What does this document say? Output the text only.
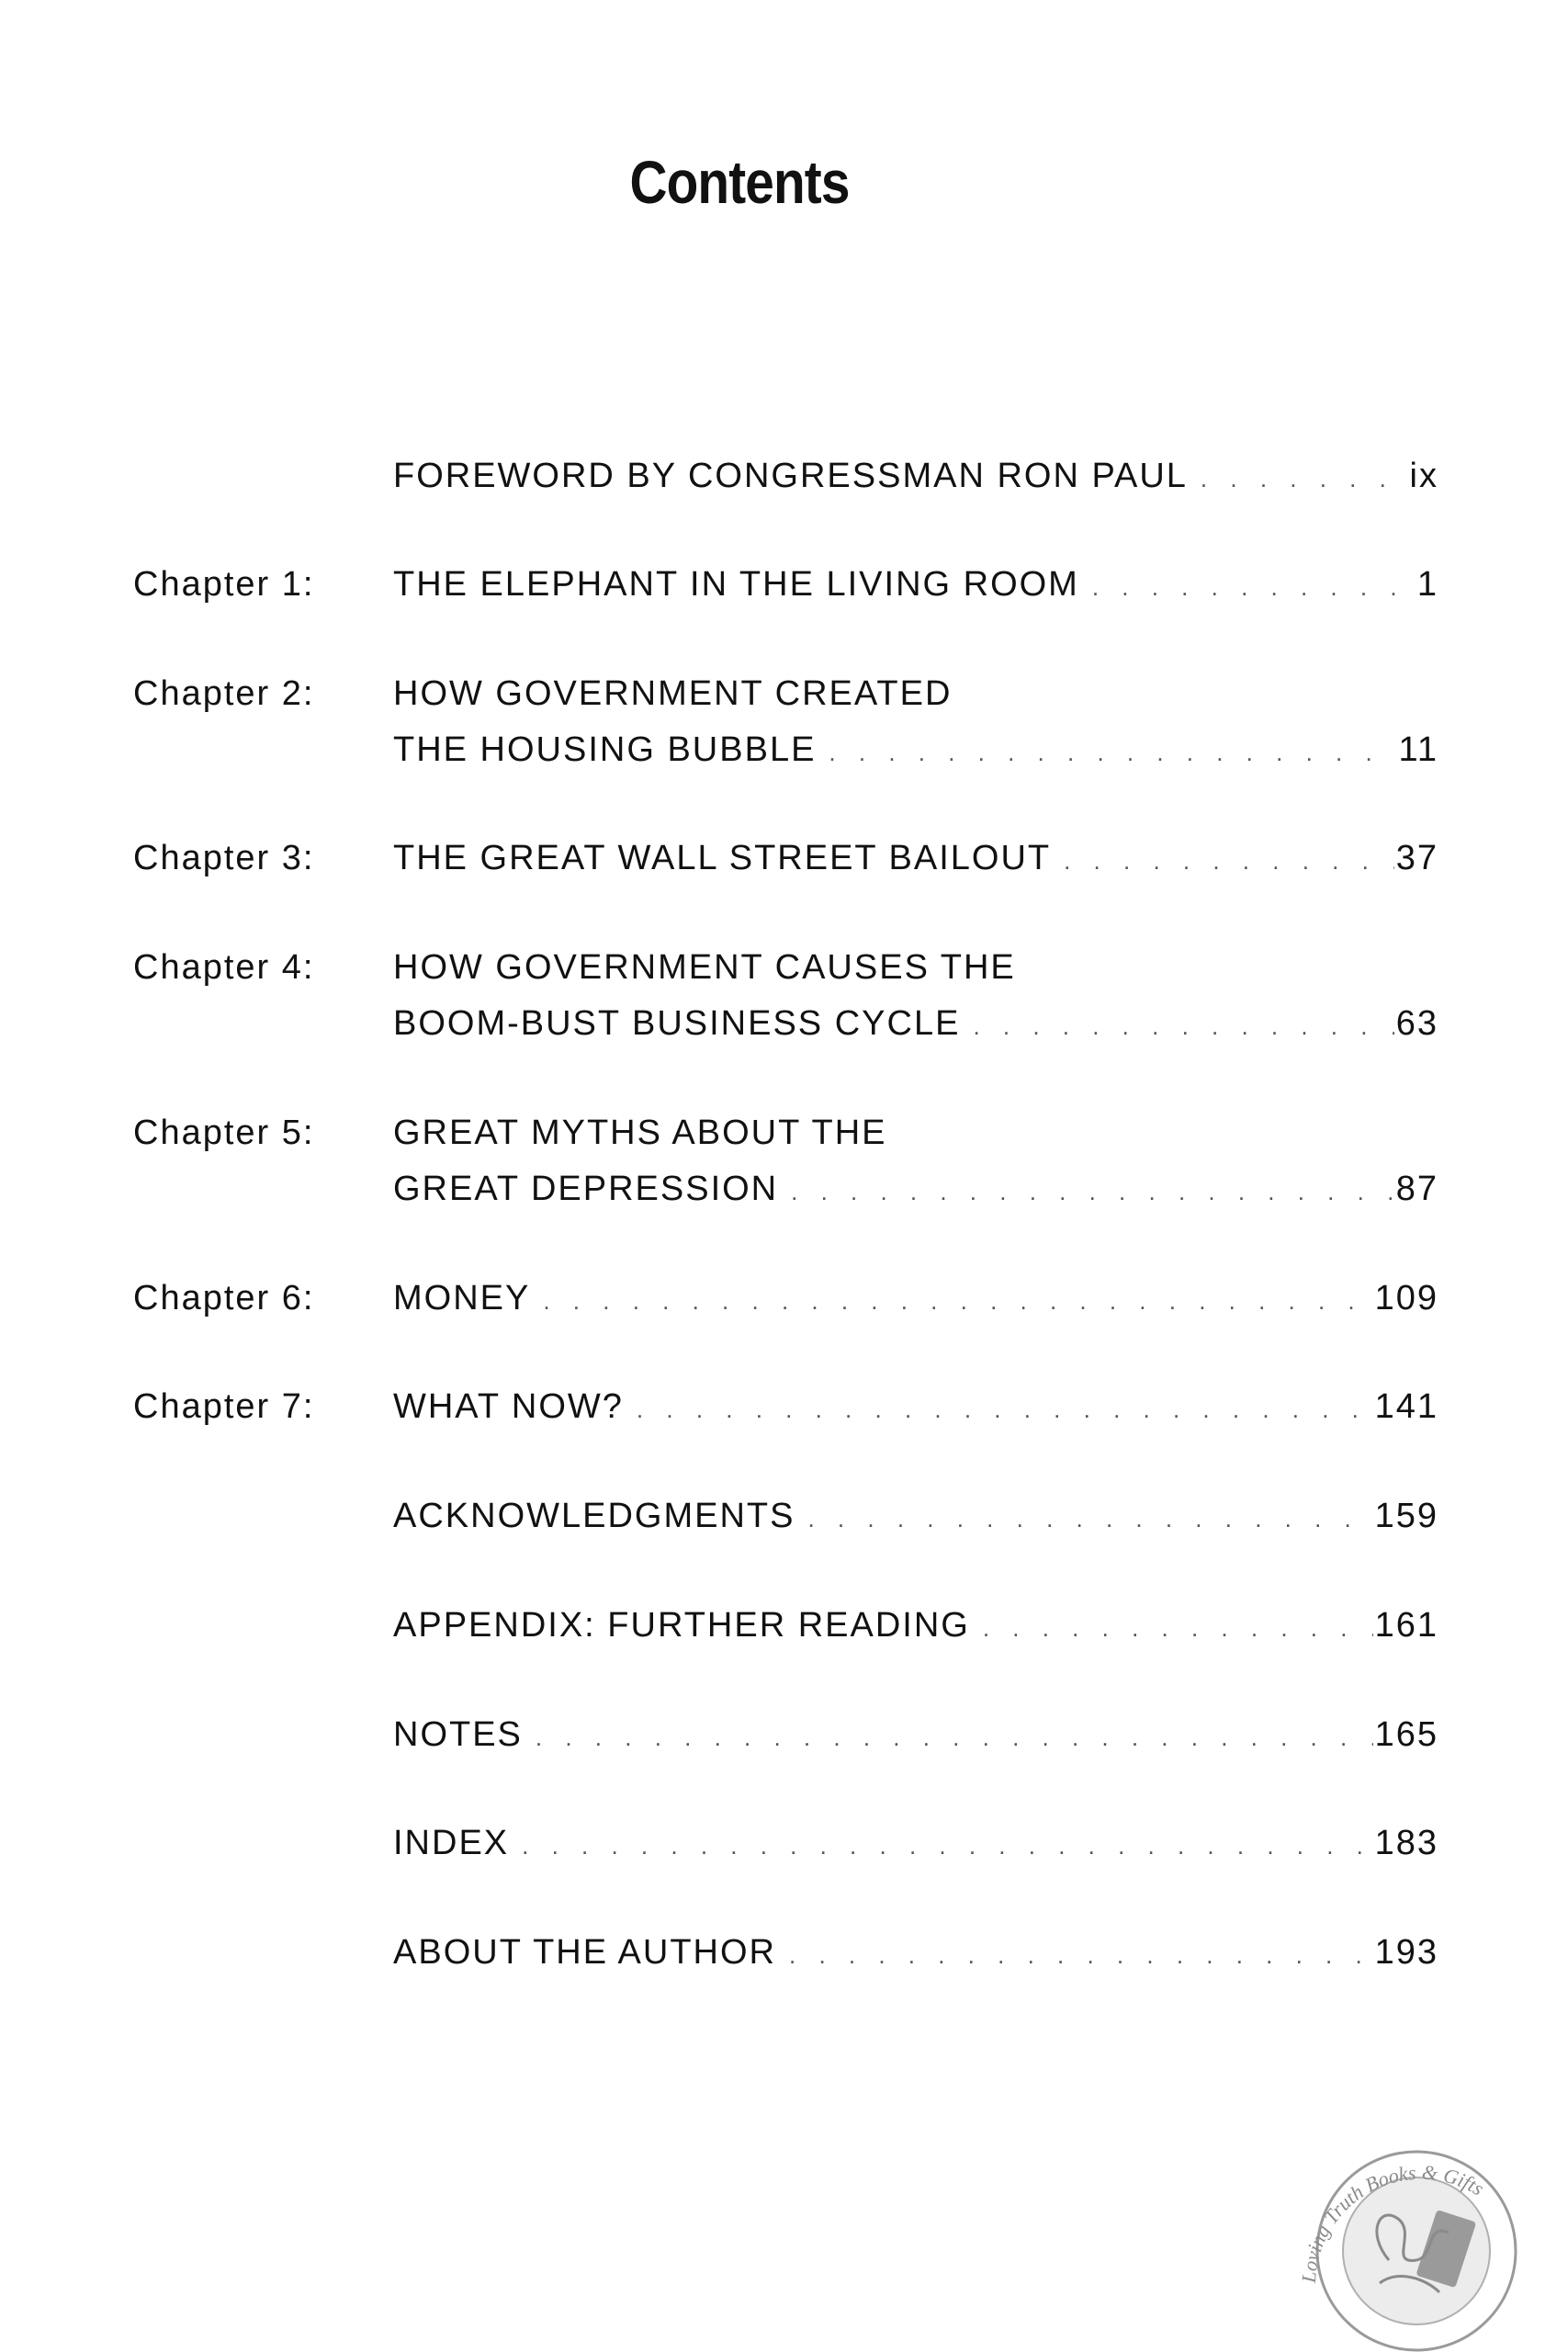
Contents
FOREWORD BY CONGRESSMAN RON PAUL . . .	ix
Chapter 1:	THE ELEPHANT IN THE LIVING ROOM . . .	1
Chapter 2:	HOW GOVERNMENT CREATED
THE HOUSING BUBBLE . . .	11
Chapter 3:	THE GREAT WALL STREET BAILOUT . . .	37
Chapter 4:	HOW GOVERNMENT CAUSES THE
BOOM-BUST BUSINESS CYCLE . . .	63
Chapter 5:	GREAT MYTHS ABOUT THE
GREAT DEPRESSION . . .	87
Chapter 6:	MONEY . . .	109
Chapter 7:	WHAT NOW? . . .	141
ACKNOWLEDGMENTS . . .	159
APPENDIX: FURTHER READING . . .	161
NOTES . . .	165
INDEX . . .	183
ABOUT THE AUTHOR . . .	193
Loving Truth Books & Gifts
